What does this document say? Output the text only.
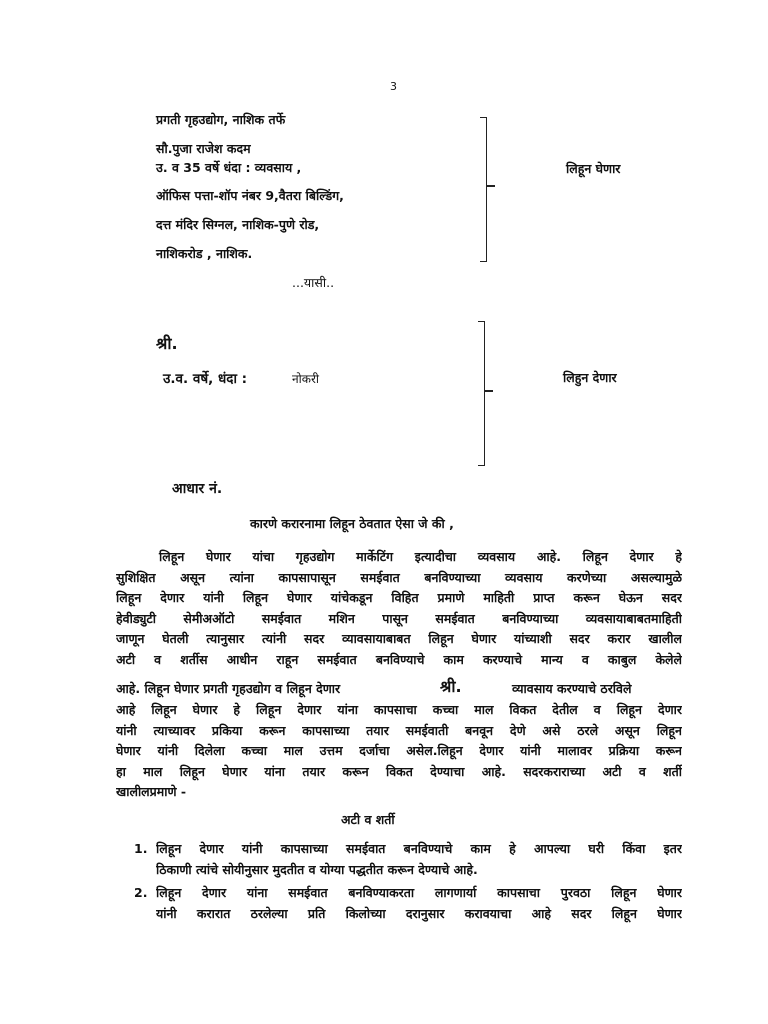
3
प्रगती गृहउद्योग, नाशिक तर्फे
सौ.पुजा राजेश कदम
उ. व 35 वर्षे धंदा : व्यवसाय ,
ऑफिस पत्ता-शॉप नंबर 9,वैतरा बिल्डिंग,
दत्त मंदिर सिग्नल, नाशिक-पुणे रोड,
नाशिकरोड , नाशिक.
लिहून घेणार
...यासी..
श्री.
उ.व. वर्षे, धंदा :	नोकरी	लिहुन देणार
आधार नं.
कारणे करारनामा लिहून ठेवतात ऐसा जे की ,
लिहून घेणार यांचा गृहउद्योग मार्केटिंग इत्यादीचा व्यवसाय आहे. लिहून देणार हे
सुशिक्षित असून त्यांना कापसापासून समईवात बनविण्याच्या व्यवसाय करणेच्या असल्यामुळे
लिहून देणार यांनी लिहून घेणार यांचेकडून विहित प्रमाणे माहिती प्राप्त करून घेऊन सदर
हेवीड्युटी सेमीअऑटो समईवात मशिन पासून समईवात बनविण्याच्या व्यवसायाबाबतमाहिती
जाणून घेतली त्यानुसार त्यांनी सदर व्यावसायाबाबत लिहून घेणार यांच्याशी सदर करार खालील
अटी व शर्तीस आधीन राहून समईवात बनविण्याचे काम करण्याचे मान्य व काबुल केलेले
आहे. लिहून घेणार प्रगती गृहउद्योग व लिहून देणार	श्री.	व्यावसाय करण्याचे ठरविले
आहे लिहून घेणार हे लिहून देणार यांना कापसाचा कच्चा माल विकत देतील व लिहून देणार
यांनी त्याच्यावर प्रकिया करून कापसाच्या तयार समईवाती बनवून देणे असे ठरले असून लिहून
घेणार यांनी दिलेला कच्चा माल उत्तम दर्जाचा असेल.लिहून देणार यांनी मालावर प्रक्रिया करून
हा माल लिहून घेणार यांना तयार करून विकत देण्याचा आहे. सदरकराराच्या अटी व शर्ती
खालीलप्रमाणे -
अटी व शर्ती
1. लिहून देणार यांनी कापसाच्या समईवात बनविण्याचे काम हे आपल्या घरी किंवा इतर
ठिकाणी त्यांचे सोयीनुसार मुदतीत व योग्या पद्धतीत करून देण्याचे आहे.
2. लिहून देणार यांना समईवात बनविण्याकरता लागणार्या कापसाचा पुरवठा लिहून घेणार
यांनी करारात ठरलेल्या प्रति किलोच्या दरानुसार करावयाचा आहे सदर लिहून घेणार
